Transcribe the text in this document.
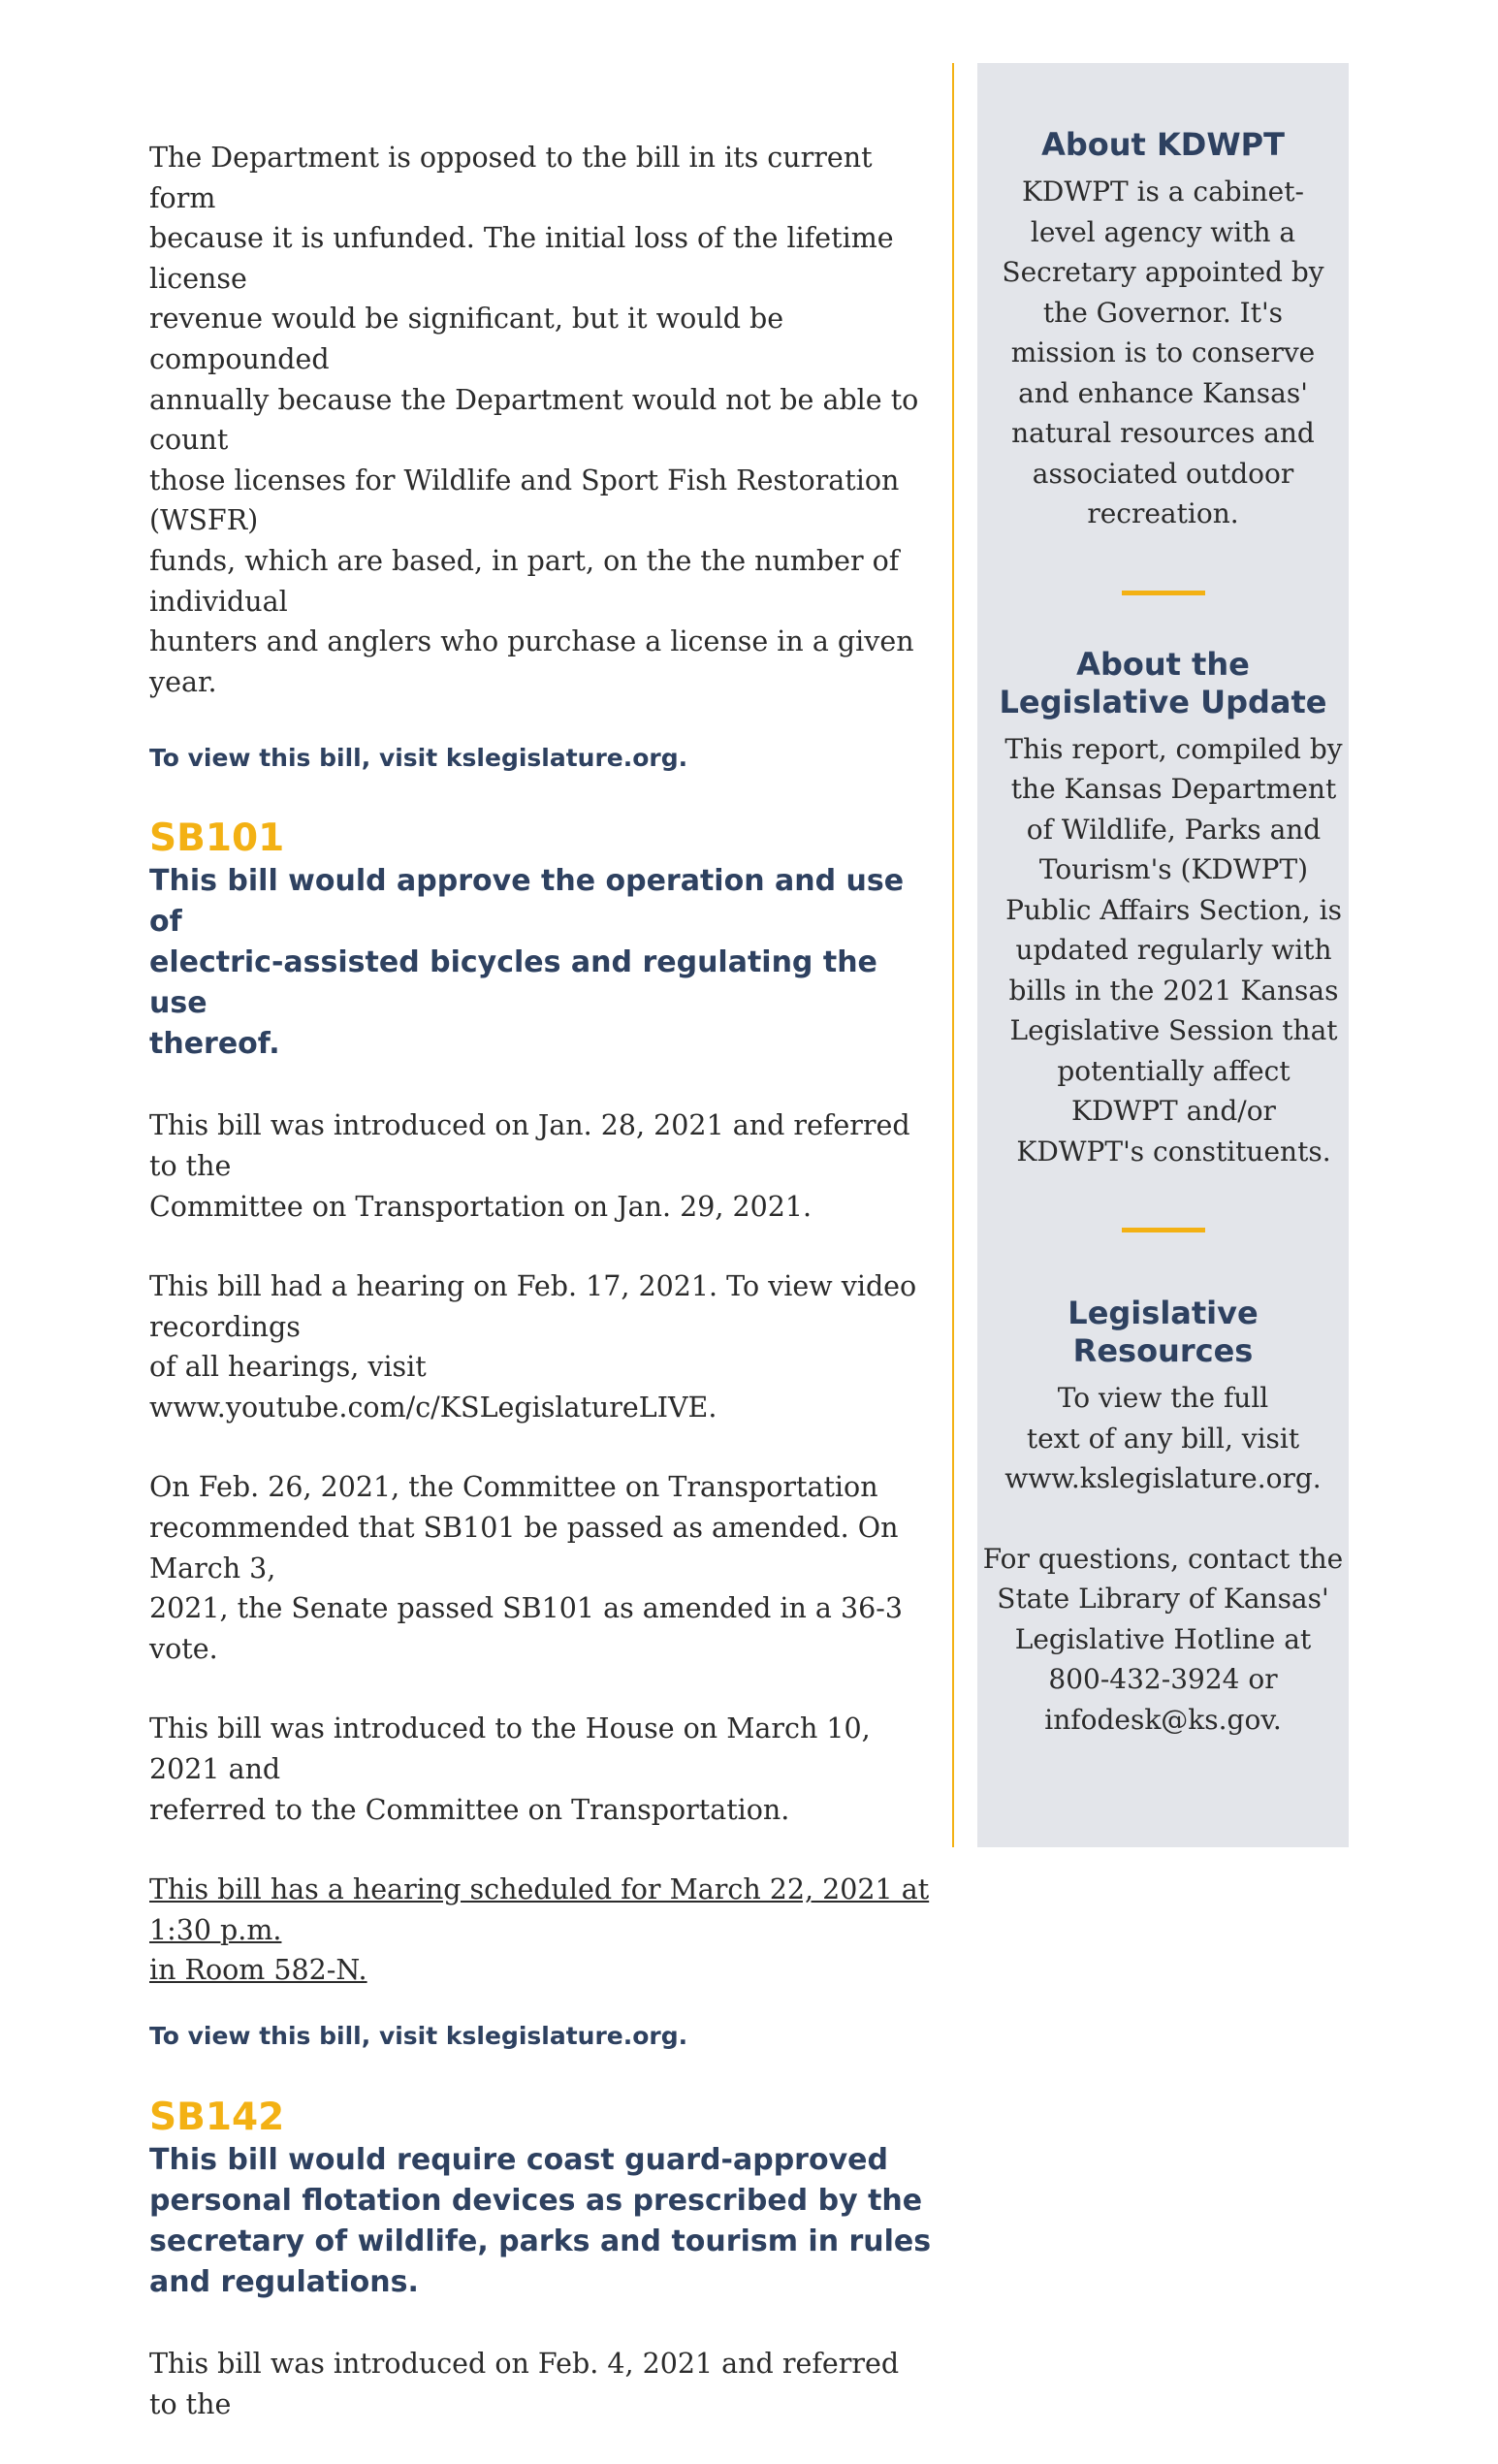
The Department is opposed to the bill in its current form
because it is unfunded. The initial loss of the lifetime license
revenue would be significant, but it would be compounded
annually because the Department would not be able to count
those licenses for Wildlife and Sport Fish Restoration (WSFR)
funds, which are based, in part, on the the number of individual
hunters and anglers who purchase a license in a given year.

To view this bill, visit kslegislature.org.

SB101

This bill would approve the operation and use of
electric-assisted bicycles and regulating the use
thereof.

This bill was introduced on Jan. 28, 2021 and referred to the
Committee on Transportation on Jan. 29, 2021.

This bill had a hearing on Feb. 17, 2021. To view video recordings
of all hearings, visit www.youtube.com/c/KSLegislatureLIVE.

On Feb. 26, 2021, the Committee on Transportation
recommended that SB101 be passed as amended. On March 3,
2021, the Senate passed SB101 as amended in a 36-3 vote.

This bill was introduced to the House on March 10, 2021 and
referred to the Committee on Transportation.

This bill has a hearing scheduled for March 22, 2021 at 1:30 p.m.
in Room 582-N.

To view this bill, visit kslegislature.org.

SB142

This bill would require coast guard-approved
personal flotation devices as prescribed by the
secretary of wildlife, parks and tourism in rules
and regulations.

This bill was introduced on Feb. 4, 2021 and referred to the

About KDWPT

KDWPT is a cabinet-
level agency with a
Secretary appointed by
the Governor. It's
mission is to conserve
and enhance Kansas'
natural resources and
associated outdoor
recreation.

About the
Legislative Update

This report, compiled by
the Kansas Department
of Wildlife, Parks and
Tourism's (KDWPT)
Public Affairs Section, is
updated regularly with
bills in the 2021 Kansas
Legislative Session that
potentially affect
KDWPT and/or
KDWPT's constituents.

Legislative
Resources

To view the full
text of any bill, visit
www.kslegislature.org.

For questions, contact the
State Library of Kansas'
Legislative Hotline at
800-432-3924 or
infodesk@ks.gov.
